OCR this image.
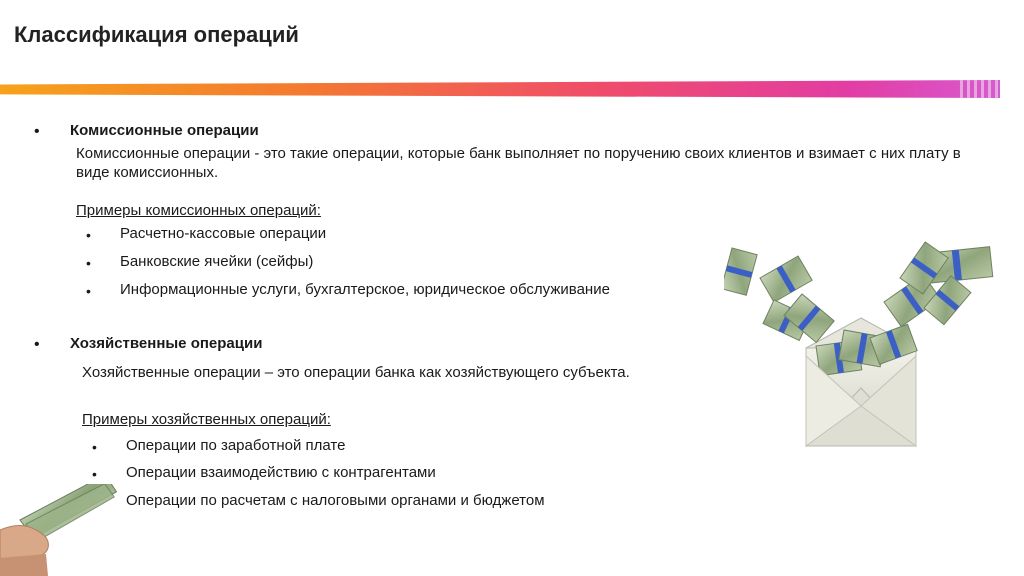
Классификация операций
• Комиссионные операции
Комиссионные операции - это такие операции, которые банк выполняет по поручению своих клиентов и взимает с них плату в виде комиссионных.
Примеры комиссионных операций:
• Расчетно-кассовые операции
• Банковские ячейки (сейфы)
• Информационные услуги, бухгалтерское, юридическое обслуживание
• Хозяйственные операции
Хозяйственные операции – это операции банка как хозяйствующего субъекта.
Примеры хозяйственных операций:
• Операции по заработной плате
• Операции взаимодействию с контрагентами
Операции по расчетам с налоговыми органами и бюджетом
